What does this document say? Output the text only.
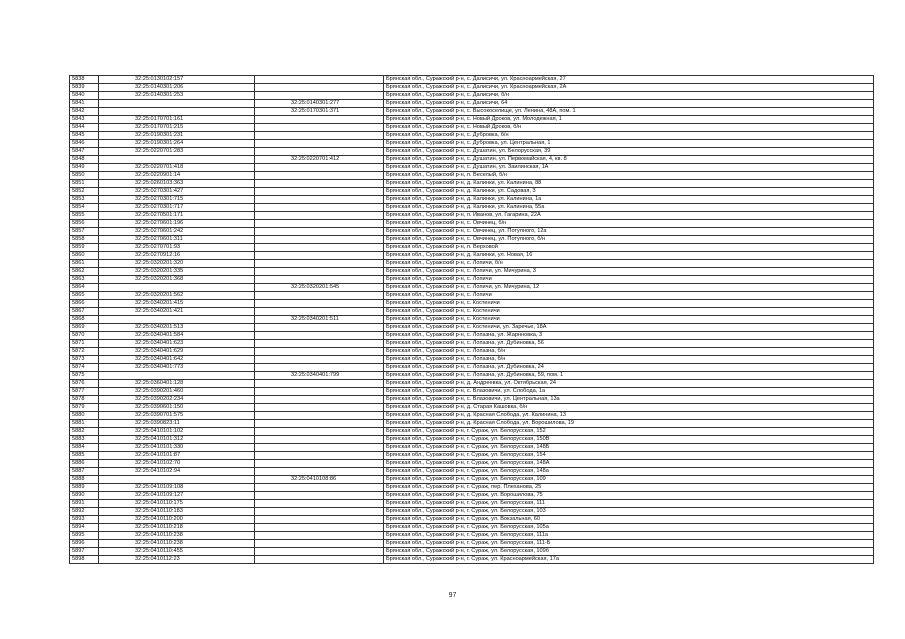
5838	32:25:0130102:157		Брянская обл., Суражский р-н, с. Далисичи, ул. Красноармейская, 27
5839	32:25:0140301:206		Брянская обл., Суражский р-н, с. Далисичи, ул. Красноармейская, 2А
5840	32:25:0140301:253		Брянская обл., Суражский р-н, с. Далисичи, б/н
5841		32:25:0140301:277	Брянская обл., Суражский р-н, с. Далисичи, 64
5842		32:25:0170301:371	Брянская обл., Суражский р-н, с. Высокоселище, ул. Ленина, 48А, пом. 1
5843	32:25:0170701:161		Брянская обл., Суражский р-н, с. Новый Дроков, ул. Молодежная, 1
5844	32:25:0170701:215		Брянская обл., Суражский р-н, с. Новый Дроков, б/н
5845	32:25:0190301:231		Брянская обл., Суражский р-н, с. Дубровка, б/н
5846	32:25:0190301:264		Брянская обл., Суражский р-н, с. Дубровка, ул. Центральная, 1
5847	32:25:0220701:283		Брянская обл., Суражский р-н, с. Душатин, ул. Белорусская, 39
5848		32:25:0220701:412	Брянская обл., Суражский р-н, с. Душатин, ул. Первомайская, 4, кв. 8
5849	32:25:0220701:418		Брянская обл., Суражский р-н, с. Душатин, ул. Заилинская, 1А
5850	32:25:0220901:14		Брянская обл., Суражский р-н, п. Веселый, б/н
5851	32:25:0260103:363		Брянская обл., Суражский р-н, д. Калинки, ул. Калинина, 88
5852	32:25:0270301:427		Брянская обл., Суражский р-н, д. Калинки, ул. Садовая, 3
5853	32:25:0270301:715		Брянская обл., Суражский р-н, д. Калинки, ул. Калинина, 1а
5854	32:25:0270301:717		Брянская обл., Суражский р-н, д. Калинки, ул. Калинина, 55а
5855	32:25:0270501:171		Брянская обл., Суражский р-н, п. Иванов, ул. Гагарина, 22А
5856	32:25:0270601:196		Брянская обл., Суражский р-н, с. Овчинец, б/н
5857	32:25:0270601:242		Брянская обл., Суражский р-н, с. Овчинец, ул. Потупного, 12а
5858	32:25:0270601:311		Брянская обл., Суражский р-н, с. Овчинец, ул. Потупного, б/н
5859	32:25:0270701:93		Брянская обл., Суражский р-н, п. Верховой
5860	32:25:0270912:16		Брянская обл., Суражский р-н, д. Калинки, ул. Новая, 16
5861	32:25:0320201:320		Брянская обл., Суражский р-н, с. Лопичи, б/н
5862	32:25:0320201:335		Брянская обл., Суражский р-н, с. Лопичи, ул. Мичурина, 3
5863	32:25:0320201:368		Брянская обл., Суражский р-н, с. Лопичи
5864		32:25:0320201:545	Брянская обл., Суражский р-н, с. Лопичи, ул. Мичурина, 12
5865	32:25:0320201:562		Брянская обл., Суражский р-н, с. Лопичи
5866	32:25:0340201:415		Брянская обл., Суражский р-н, с. Костеничи
5867	32:25:0340201:421		Брянская обл., Суражский р-н, с. Костеничи
5868		32:25:0340201:511	Брянская обл., Суражский р-н, с. Костеничи
5869	32:25:0340201:513		Брянская обл., Суражский р-н, с. Костеничи, ул. Заречье, 18А
5870	32:25:0340401:584		Брянская обл., Суражский р-н, с. Лопазна, ул. Жарнновка, 3
5871	32:25:0340401:623		Брянская обл., Суражский р-н, с. Лопазна, ул. Дубиновка, 56
5872	32:25:0340401:629		Брянская обл., Суражский р-н, с. Лопазна, б/н
5873	32:25:0340401:642		Брянская обл., Суражский р-н, с. Лопазна, б/н
5874	32:25:0340401:773		Брянская обл., Суражский р-н, с. Лопазна, ул. Дубиновка, 24
5875		32:25:0340401:799	Брянская обл., Суражский р-н, с. Лопазна, ул. Дубиновка, 59, пом. 1
5876	32:25:0360401:128		Брянская обл., Суражский р-н, д. Андреевка, ул. Октябрьская, 24
5877	32:25:0390201:460		Брянская обл., Суражский р-н, с. Влазовичи, ул. Слобода, 1а
5878	32:25:0390202:234		Брянская обл., Суражский р-н, с. Влазовичи, ул. Центральная, 13а
5879	32:25:0390601:150		Брянская обл., Суражский р-н, д. Старая Кашовка, б/н
5880	32:25:0390701:575		Брянская обл., Суражский р-н, д. Красная Слобода, ул. Калинина, 13
5881	32:25:0390823:11		Брянская обл., Суражский р-н, д. Красная Слобода, ул. Ворошилова, 19
5882	32:25:0410101:102		Брянская обл., Суражский р-н, г. Сураж, ул. Белорусская, 152
5883	32:25:0410101:312		Брянская обл., Суражский р-н, г. Сураж, ул. Белорусская, 150В
5884	32:25:0410101:330		Брянская обл., Суражский р-н, г. Сураж, ул. Белорусская, 148Б
5885	32:25:0410101:87		Брянская обл., Суражский р-н, г. Сураж, ул. Белорусская, 154
5886	32:25:0410102:70		Брянская обл., Суражский р-н, г. Сураж, ул. Белорусская, 148А
5887	32:25:0410102:94		Брянская обл., Суражский р-н, г. Сураж, ул. Белорусская, 148а
5888		32:25:0410108:86	Брянская обл., Суражский р-н, г. Сураж, ул. Белорусская, 109
5889	32:25:0410109:108		Брянская обл., Суражский р-н, г. Сураж, пер. Плеханова, 25
5890	32:25:0410109:127		Брянская обл., Суражский р-н, г. Сураж, ул. Ворошилова, 75
5891	32:25:0410110:175		Брянская обл., Суражский р-н, г. Сураж, ул. Белорусская, 111
5892	32:25:0410110:183		Брянская обл., Суражский р-н, г. Сураж, ул. Белорусская, 103
5893	32:25:0410110:200		Брянская обл., Суражский р-н, г. Сураж, ул. Вокзальная, 60
5894	32:25:0410110:218		Брянская обл., Суражский р-н, г. Сураж, ул. Белорусская, 105а
5895	32:25:0410110:238		Брянская обл., Суражский р-н, г. Сураж, ул. Белорусская, 111а
5896	32:25:0410110:238		Брянская обл., Суражский р-н, г. Сураж, ул. Белорусская, 111-Б
5897	32:25:0410110:455		Брянская обл., Суражский р-н, г. Сураж, ул. Белорусская, 109б
5898	32:25:0410112:23		Брянская обл., Суражский р-н, г. Сураж, ул. Красноармейская, 17а
97
